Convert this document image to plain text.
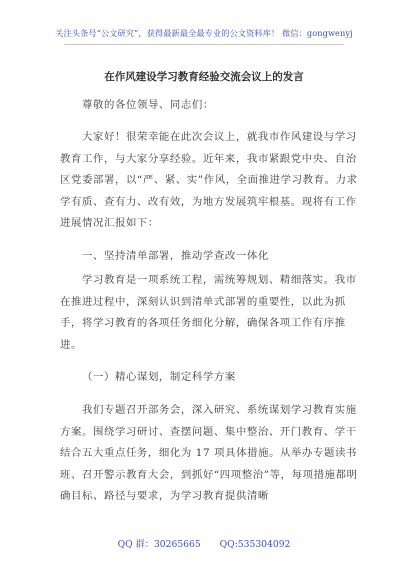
关注头条号“公文研究”，获得最新最全最专业的公文资料库！ 微信：gongwenyj
在作风建设学习教育经验交流会议上的发言
尊敬的各位领导、同志们：
大家好！很荣幸能在此次会议上，就我市作风建设与学习教育工作，与大家分享经验。近年来，我市紧跟党中央、自治区党委部署，以“严、紧、实”作风，全面推进学习教育。力求学有质、查有力、改有效，为地方发展筑牢根基。现将有工作进展情况汇报如下：
一、坚持清单部署，推动学查改一体化
学习教育是一项系统工程，需统筹规划、精细落实。我市在推进过程中，深刻认识到清单式部署的重要性，以此为抓手，将学习教育的各项任务细化分解，确保各项工作有序推进。
（一）精心谋划，制定科学方案
我们专题召开部务会，深入研究、系统谋划学习教育实施方案。围绕学习研讨、查摆问题、集中整治、开门教育、学干结合五大重点任务，细化为 17 项具体措施。从举办专题读书班、召开警示教育大会，到抓好“四项整治”等，每项措施都明确目标、路径与要求，为学习教育提供清晰
QQ 群：30265665 QQ:535304092
